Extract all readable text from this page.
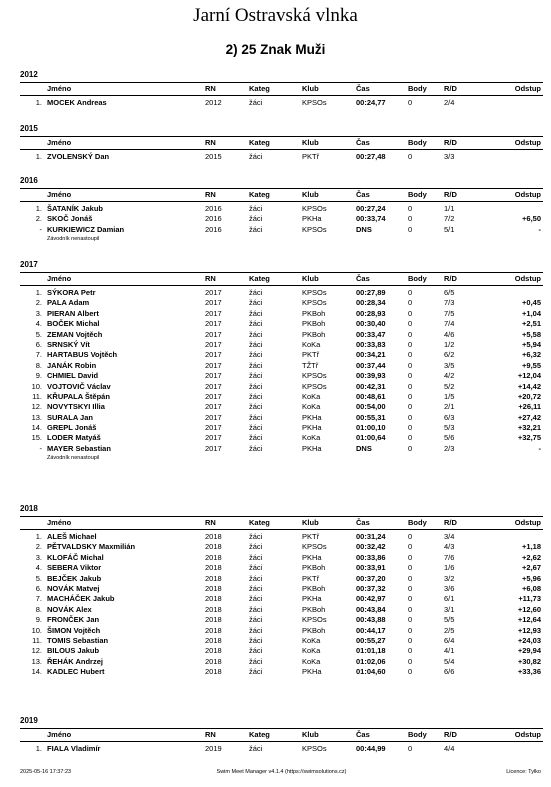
Jarní Ostravská vlnka
2) 25 Znak Muži
2012
Jméno	RN	Kateg	Klub	Čas	Body R/D	Odstup
1. MOCEK Andreas	2012	žáci	KPSOs	00:24,77	0	2/4
2015
Jméno	RN	Kateg	Klub	Čas	Body R/D	Odstup
1. ZVOLENSKÝ Dan	2015	žáci	PKTř	00:27,48	0	3/3
2016
Jméno	RN	Kateg	Klub	Čas	Body R/D	Odstup
1. ŠATANÍK Jakub	2016	žáci	KPSOs	00:27,24	0	1/1
2. SKOČ Jonáš	2016	žáci	PKHa	00:33,74	0	7/2	+6,50
- KURKIEWICZ Damian	2016	žáci	KPSOs	DNS	0	5/1	-
Závodník nenastoupil
2017
Jméno	RN	Kateg	Klub	Čas	Body R/D	Odstup
1. SÝKORA Petr	2017	žáci	KPSOs	00:27,89	0	6/5
2. PALA Adam	2017	žáci	KPSOs	00:28,34	0	7/3	+0,45
3. PIERAN Albert	2017	žáci	PKBoh	00:28,93	0	7/5	+1,04
4. BOČEK Michal	2017	žáci	PKBoh	00:30,40	0	7/4	+2,51
5. ZEMAN Vojtěch	2017	žáci	PKBoh	00:33,47	0	4/6	+5,58
6. SRNSKÝ Vít	2017	žáci	KoKa	00:33,83	0	1/2	+5,94
7. HARTABUS Vojtěch	2017	žáci	PKTř	00:34,21	0	6/2	+6,32
8. JANÁK Robin	2017	žáci	TŽTř	00:37,44	0	3/5	+9,55
9. CHMIEL David	2017	žáci	KPSOs	00:39,93	0	4/2	+12,04
10. VOJTOVIČ Václav	2017	žáci	KPSOs	00:42,31	0	5/2	+14,42
11. KŘUPALA Štěpán	2017	žáci	KoKa	00:48,61	0	1/5	+20,72
12. NOVYTSKYI Illia	2017	žáci	KoKa	00:54,00	0	2/1	+26,11
13. SURALA Jan	2017	žáci	PKHa	00:55,31	0	6/3	+27,42
14. GREPL Jonáš	2017	žáci	PKHa	01:00,10	0	5/3	+32,21
15. LODER Matyáš	2017	žáci	KoKa	01:00,64	0	5/6	+32,75
- MAYER Sebastian	2017	žáci	PKHa	DNS	0	2/3	-
Závodník nenastoupil
2018
Jméno	RN	Kateg	Klub	Čas	Body R/D	Odstup
1. ALEŠ Michael	2018	žáci	PKTř	00:31,24	0	3/4
2. PĚTVALDSKY Maxmilián	2018	žáci	KPSOs	00:32,42	0	4/3	+1,18
3. KLOFÁČ Michal	2018	žáci	PKHa	00:33,86	0	7/6	+2,62
4. SEBERA Viktor	2018	žáci	PKBoh	00:33,91	0	1/6	+2,67
5. BEJČEK Jakub	2018	žáci	PKTř	00:37,20	0	3/2	+5,96
6. NOVÁK Matvej	2018	žáci	PKBoh	00:37,32	0	3/6	+6,08
7. MACHÁČEK Jakub	2018	žáci	PKHa	00:42,97	0	6/1	+11,73
8. NOVÁK Alex	2018	žáci	PKBoh	00:43,84	0	3/1	+12,60
9. FRONČEK Jan	2018	žáci	KPSOs	00:43,88	0	5/5	+12,64
10. ŠIMON Vojtěch	2018	žáci	PKBoh	00:44,17	0	2/5	+12,93
11. TOMIS Sebastian	2018	žáci	KoKa	00:55,27	0	6/4	+24,03
12. BILOUS Jakub	2018	žáci	KoKa	01:01,18	0	4/1	+29,94
13. ŘEHÁK Andrzej	2018	žáci	KoKa	01:02,06	0	5/4	+30,82
14. KADLEC Hubert	2018	žáci	PKHa	01:04,60	0	6/6	+33,36
2019
Jméno	RN	Kateg	Klub	Čas	Body R/D	Odstup
1. FIALA Vladimír	2019	žáci	KPSOs	00:44,99	0	4/4
2025-05-16 17:37:23	Swim Meet Manager v4.1.4 (https://swimsolutions.cz)	Licence: Tylko
